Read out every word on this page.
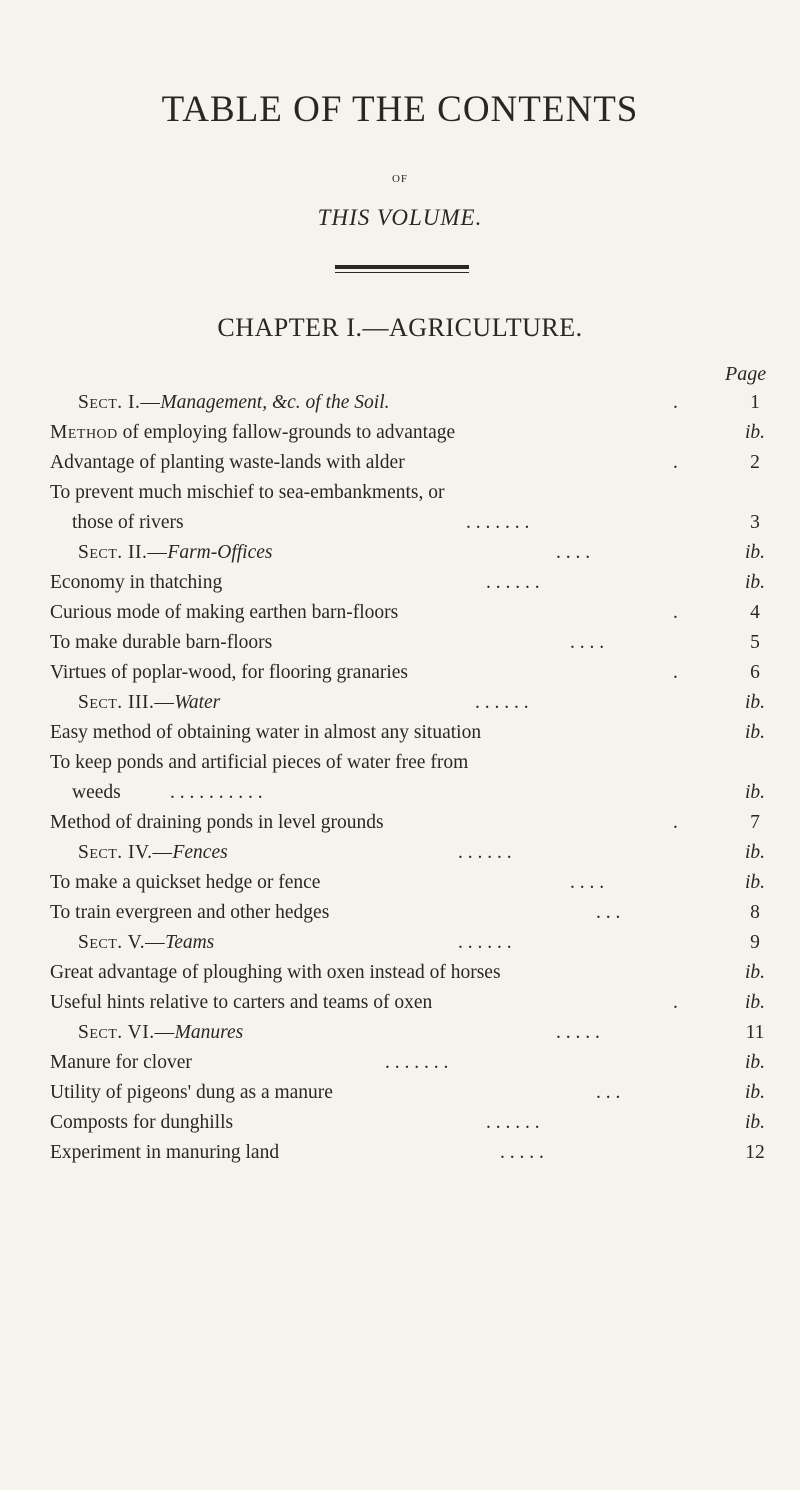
TABLE OF THE CONTENTS
OF
THIS VOLUME.
CHAPTER I.—AGRICULTURE.
Page
Sect. I.—Management, &c. of the Soil.	.	1
Method of employing fallow-grounds to advantage	ib.
Advantage of planting waste-lands with alder	.	2
To prevent much mischief to sea-embankments, or
those of rivers	. . . . . . .	3
Sect. II.—Farm-Offices	. . . .	ib.
Economy in thatching	. . . . . .	ib.
Curious mode of making earthen barn-floors	.	4
To make durable barn-floors	. . . .	5
Virtues of poplar-wood, for flooring granaries	.	6
Sect. III.—Water	. . . . . .	ib.
Easy method of obtaining water in almost any situation	ib.
To keep ponds and artificial pieces of water free from
weeds	. . . . . . . . . .	ib.
Method of draining ponds in level grounds	.	7
Sect. IV.—Fences	. . . . . .	ib.
To make a quickset hedge or fence	. . . .	ib.
To train evergreen and other hedges	. . .	8
Sect. V.—Teams	. . . . . .	9
Great advantage of ploughing with oxen instead of horses	ib.
Useful hints relative to carters and teams of oxen	.	ib.
Sect. VI.—Manures	. . . . .	11
Manure for clover	. . . . . . .	ib.
Utility of pigeons' dung as a manure	. . .	ib.
Composts for dunghills	. . . . . .	ib.
Experiment in manuring land	. . . . .	12
